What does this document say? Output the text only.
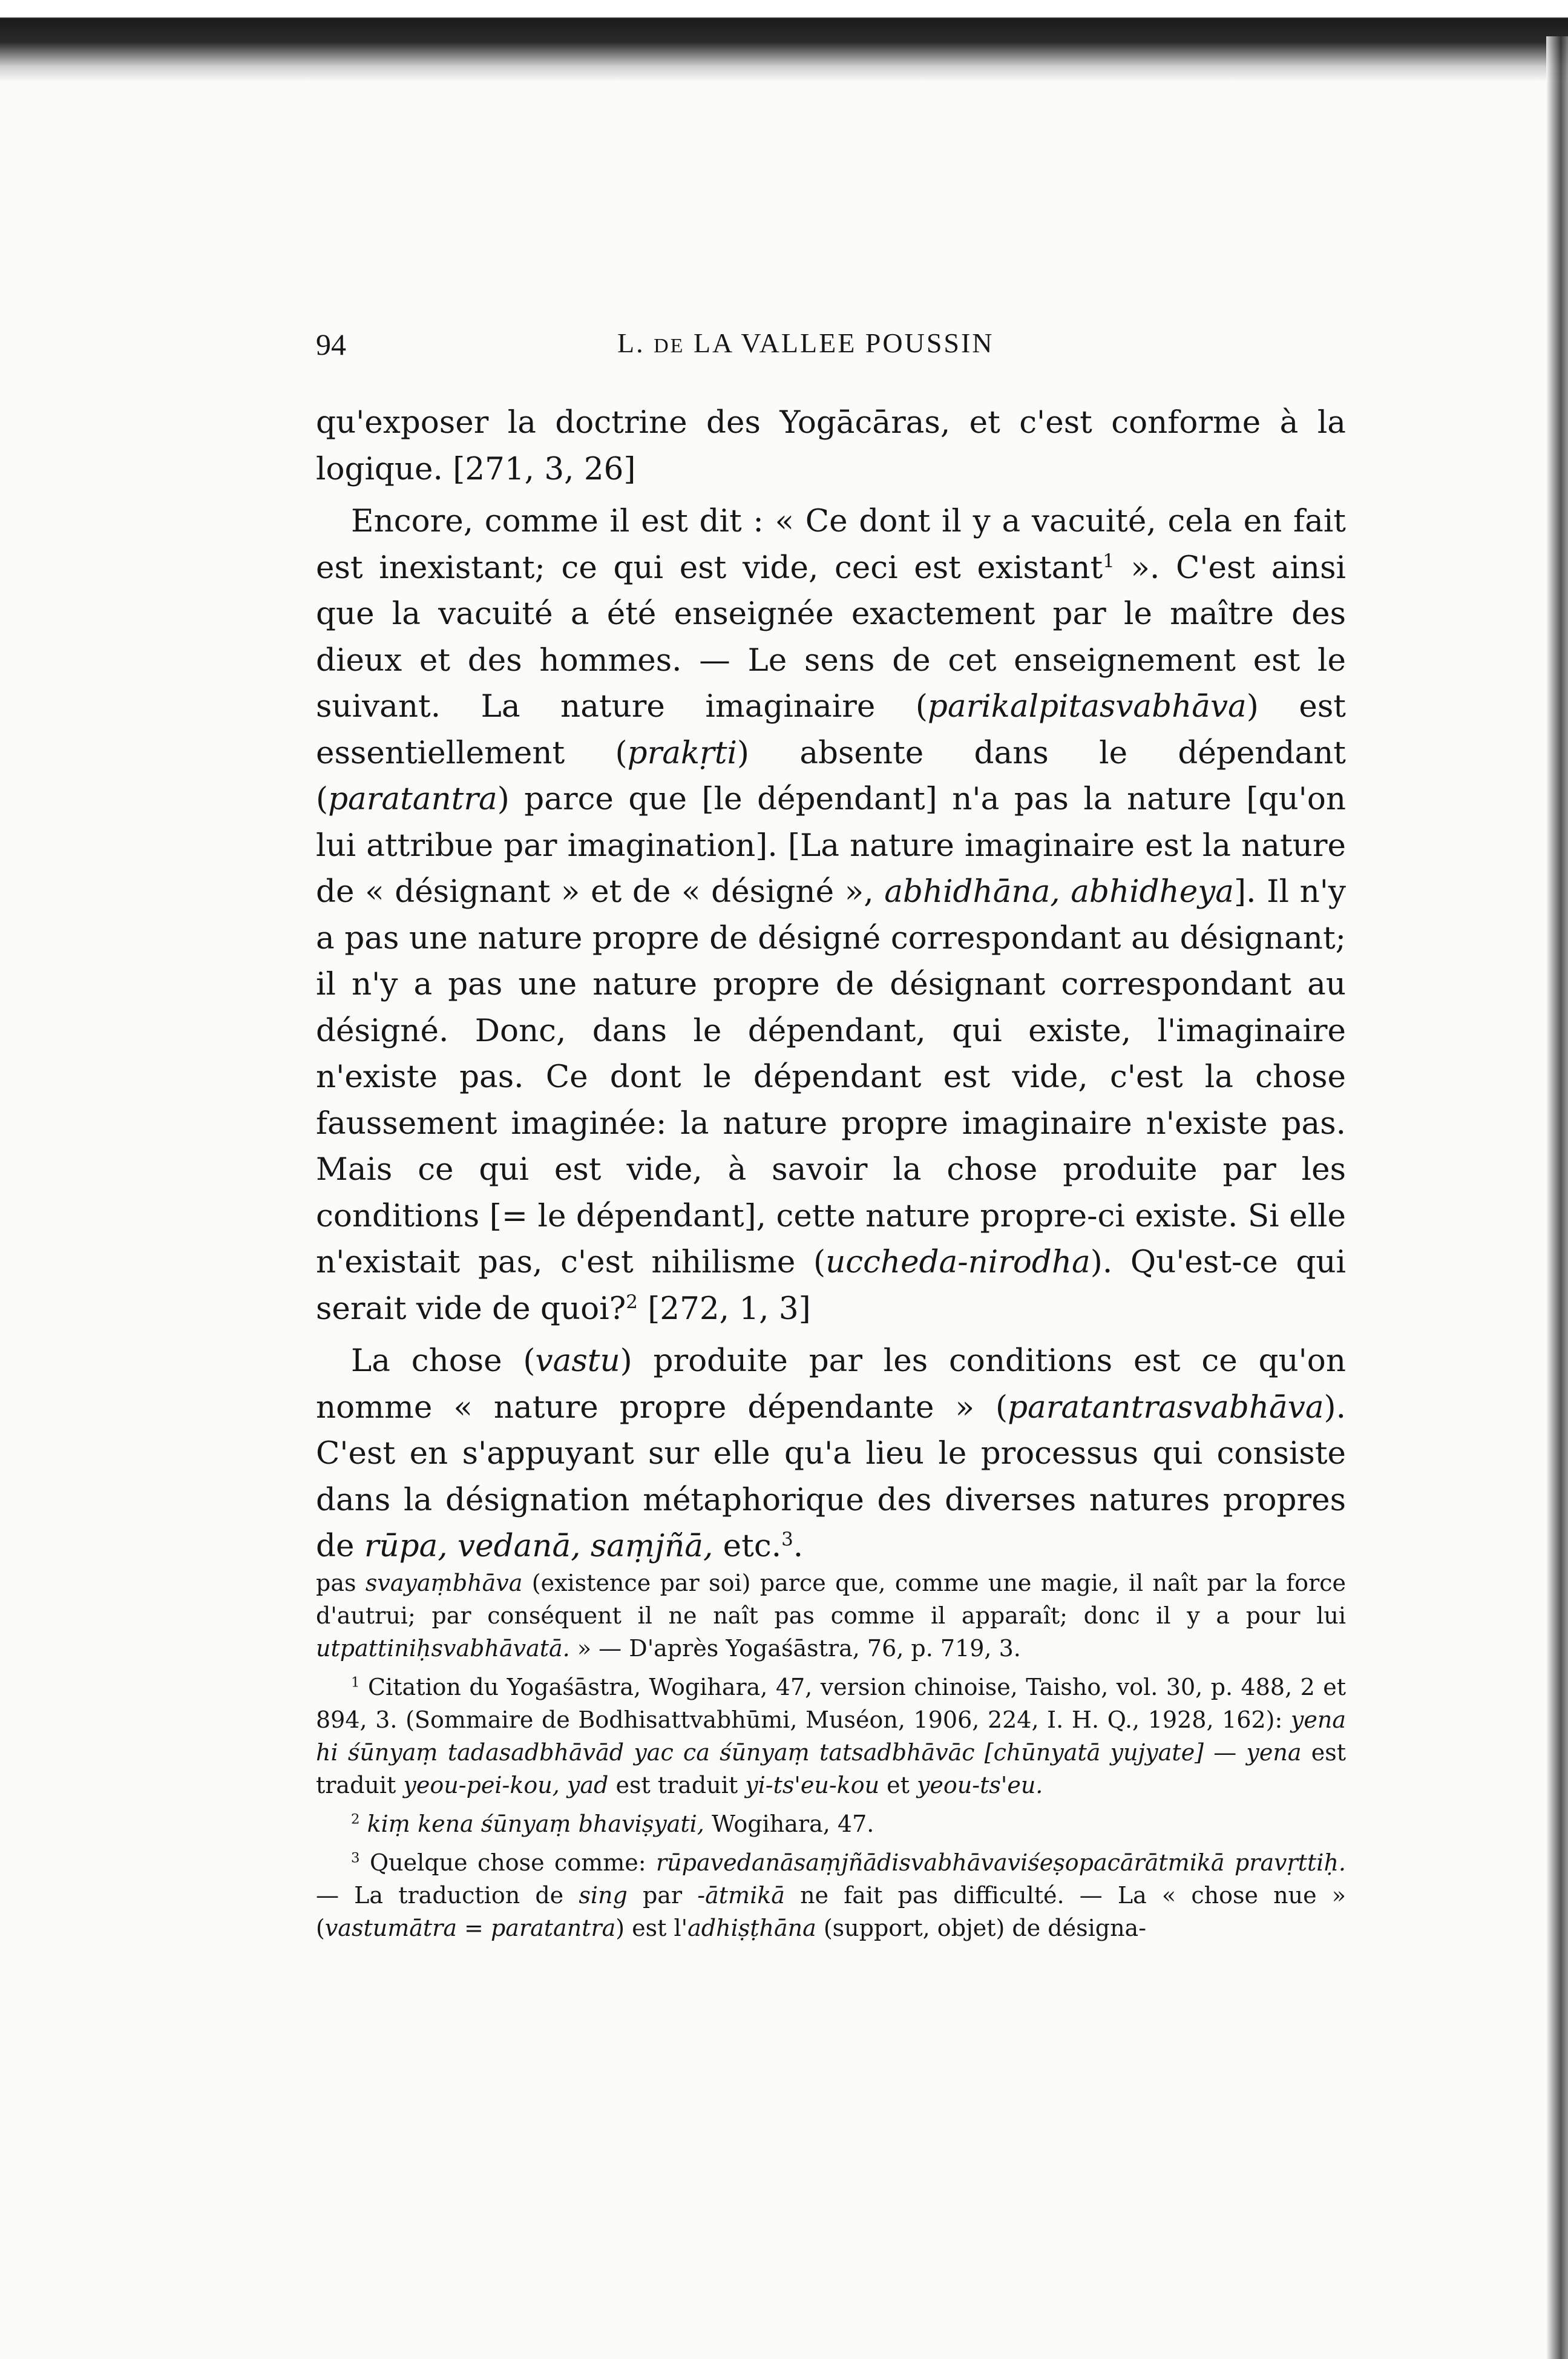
94	L. DE LA VALLEE POUSSIN

qu'exposer la doctrine des Yogācāras, et c'est conforme à la logique. [271, 3, 26]

Encore, comme il est dit : « Ce dont il y a vacuité, cela en fait est inexistant; ce qui est vide, ceci est existant$^1$ ». C'est ainsi que la vacuité a été enseignée exactement par le maître des dieux et des hommes. — Le sens de cet enseignement est le suivant. La nature imaginaire (parikalpitasvabhāva) est essentiellement (prakṛti) absente dans le dépendant (paratantra) parce que [le dépendant] n'a pas la nature [qu'on lui attribue par imagination]. [La nature imaginaire est la nature de « désignant » et de « désigné », abhidhāna, abhidheya]. Il n'y a pas une nature propre de désigné correspondant au désignant; il n'y a pas une nature propre de désignant correspondant au désigné. Donc, dans le dépendant, qui existe, l'imaginaire n'existe pas. Ce dont le dépendant est vide, c'est la chose faussement imaginée: la nature propre imaginaire n'existe pas. Mais ce qui est vide, à savoir la chose produite par les conditions [= le dépendant], cette nature propre-ci existe. Si elle n'existait pas, c'est nihilisme (uccheda-nirodha). Qu'est-ce qui serait vide de quoi?$^2$ [272, 1, 3]

La chose (vastu) produite par les conditions est ce qu'on nomme « nature propre dépendante » (paratantrasvabhāva). C'est en s'appuyant sur elle qu'a lieu le processus qui consiste dans la désignation métaphorique des diverses natures propres de rūpa, vedanā, saṃjñā, etc.$^3$.

pas svayaṃbhāva (existence par soi) parce que, comme une magie, il naît par la force d'autrui; par conséquent il ne naît pas comme il apparaît; donc il y a pour lui utpattiniḥsvabhāvatā. » — D'après Yogaśāstra, 76, p. 719, 3.

$^1$ Citation du Yogaśāstra, Wogihara, 47, version chinoise, Taisho, vol. 30, p. 488, 2 et 894, 3. (Sommaire de Bodhisattvabhūmi, Muséon, 1906, 224, I. H. Q., 1928, 162): yena hi śūnyaṃ tadasadbhāvād yac ca śūnyaṃ tatsadbhāvāc [chūnyatā yujyate] — yena est traduit yeou-pei-kou, yad est traduit yi-ts'eu-kou et yeou-ts'eu.

$^2$ kiṃ kena śūnyaṃ bhaviṣyati, Wogihara, 47.

$^3$ Quelque chose comme: rūpavedanāsaṃjñādisvabhāvaviśeṣopacārātmikā pravṛttiḥ. — La traduction de sing par -ātmikā ne fait pas difficulté. — La « chose nue » (vastumātra = paratantra) est l'adhiṣṭhāna (support, objet) de désigna-
